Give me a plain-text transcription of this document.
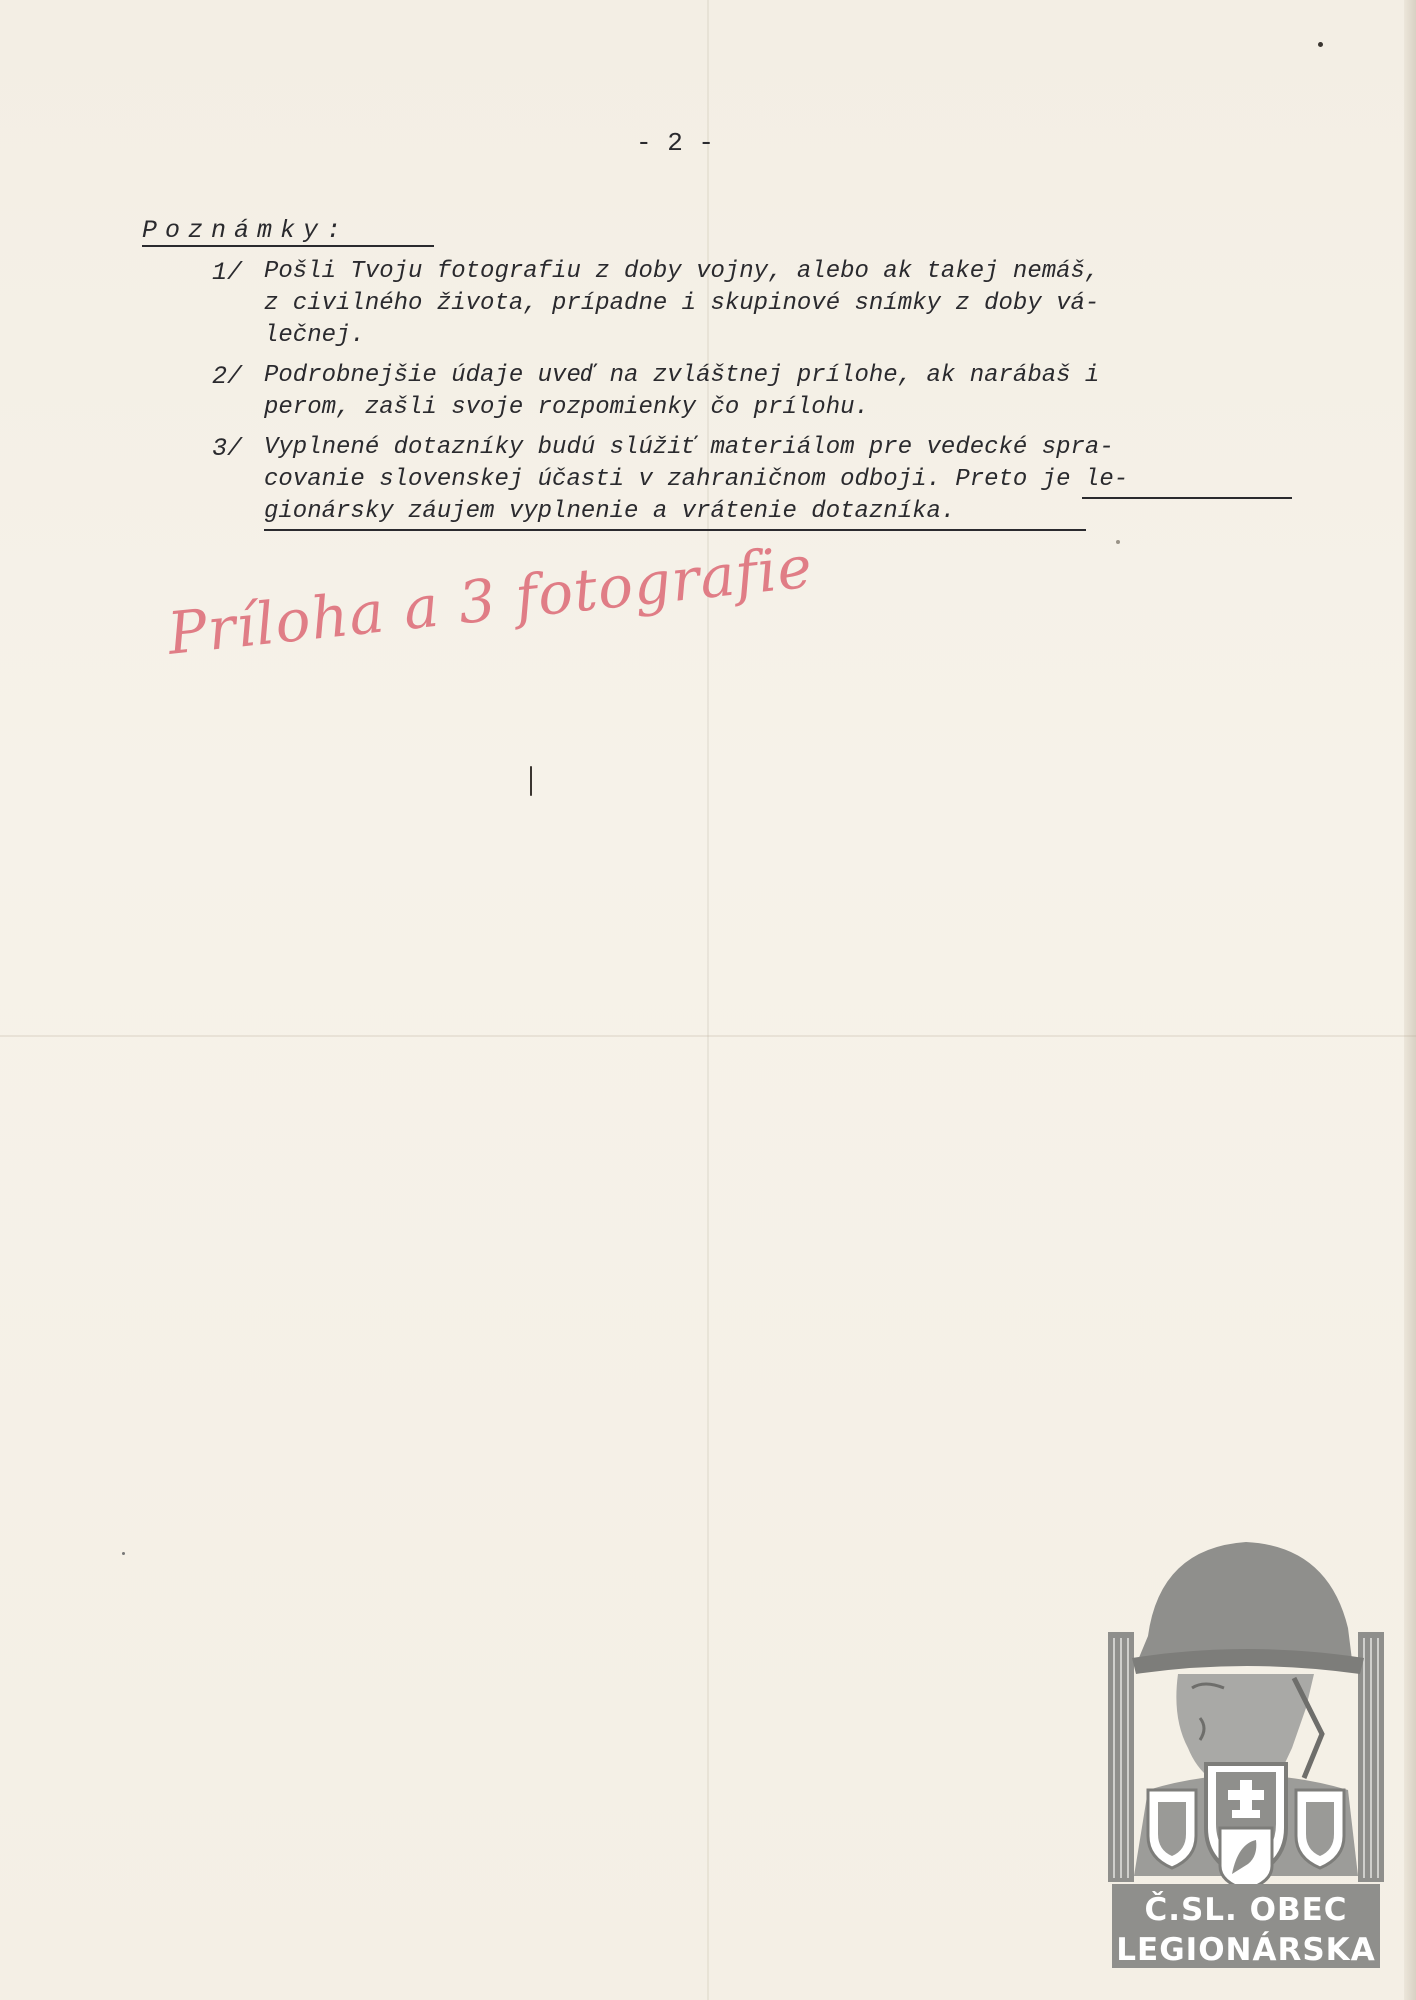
- 2 -
Poznámky:
1/ Pošli Tvoju fotografiu z doby vojny, alebo ak takej nemáš,
z civilného života, prípadne i skupinové snímky z doby vá-
lečnej.
2/ Podrobnejšie údaje uveď na zvláštnej prílohe, ak narábaš i
perom, zašli svoje rozpomienky čo prílohu.
3/ Vyplnené dotazníky budú slúžiť materiálom pre vedecké spra-
covanie slovenskej účasti v zahraničnom odboji. Preto je le-
gionársky záujem vyplnenie a vrátenie dotazníka.
Príloha a 3 fotografie
Č.SL. OBEC
LEGIONÁRSKA
